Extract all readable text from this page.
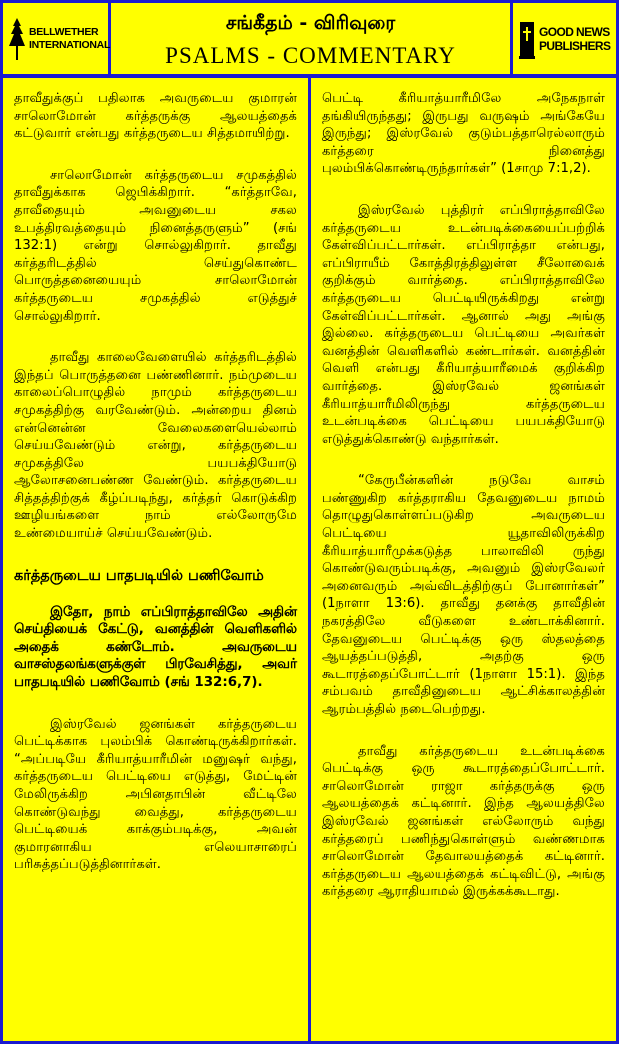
BELLWETHER
INTERNATIONAL
சங்கீதம் - விரிவுரை
PSALMS - COMMENTARY
GOOD NEWS
PUBLISHERS

தாவீதுக்குப் பதிலாக அவருடைய குமாரன் சாலொமோன் கர்த்தருக்கு ஆலயத்தைக் கட்டுவார் என்பது கர்த்தருடைய சித்தமாயிற்று.

சாலொமோன் கர்த்தருடைய சமுகத்தில் தாவீதுக்காக ஜெபிக்கிறார். “கர்த்தாவே, தாவீதையும் அவனுடைய சகல உபத்திரவத்தையும் நினைத்தருளும்” (சங் 132:1) என்று சொல்லுகிறார். தாவீது கர்த்தரிடத்தில் செய்துகொண்ட பொருத்தனையையும் சாலொமோன் கர்த்தருடைய சமுகத்தில் எடுத்துச் சொல்லுகிறார்.

தாவீது காலைவேளையில் கர்த்தரிடத்தில் இந்தப் பொருத்தனை பண்ணினார். நம்முடைய காலைப்பொழுதில் நாமும் கர்த்தருடைய சமுகத்திற்கு வரவேண்டும். அன்றைய தினம் என்னென்ன வேலைகளையெல்லாம் செய்யவேண்டும் என்று, கர்த்தருடைய சமுகத்திலே பயபக்தியோடு ஆலோசனைபண்ண வேண்டும். கர்த்தருடைய சித்தத்திற்குக் கீழ்ப்படிந்து, கர்த்தர் கொடுக்கிற ஊழியங்களை நாம் எல்லோருமே உண்மையாய்ச் செய்யவேண்டும்.

கர்த்தருடைய பாதபடியில் பணிவோம்

இதோ, நாம் எப்பிராத்தாவிலே அதின் செய்தியைக் கேட்டு, வனத்தின் வெளிகளில் அதைக் கண்டோம். அவருடைய வாசஸ்தலங்களுக்குள் பிரவேசித்து, அவர் பாதபடியில் பணிவோம் (சங் 132:6,7).

இஸ்ரவேல் ஜனங்கள் கர்த்தருடைய பெட்டிக்காக புலம்பிக் கொண்டிருக்கிறார்கள். “அப்படியே கீரியாத்யாரீமின் மனுஷர் வந்து, கர்த்தருடைய பெட்டியை எடுத்து, மேட்டின் மேலிருக்கிற அபினதாபின் வீட்டிலே கொண்டுவந்து வைத்து, கர்த்தருடைய பெட்டியைக் காக்கும்படிக்கு, அவன் குமாரனாகிய எலெயாசாரைப் பரிசுத்தப்படுத்தினார்கள்.

பெட்டி கீரியாத்யாரீமிலே அநேகநாள் தங்கியிருந்தது; இருபது வருஷம் அங்கேயே இருந்து; இஸ்ரவேல் குடும்பத்தாரெல்லாரும் கர்த்தரை நினைத்து புலம்பிக்கொண்டிருந்தார்கள்” (1சாமு 7:1,2).

இஸ்ரவேல் புத்திரர் எப்பிராத்தாவிலே கர்த்தருடைய உடன்படிக்கையைப்பற்றிக் கேள்விப்பட்டார்கள். எப்பிராத்தா என்பது, எப்பிராயீம் கோத்திரத்திலுள்ள சீலோவைக் குறிக்கும் வார்த்தை. எப்பிராத்தாவிலே கர்த்தருடைய பெட்டியிருக்கிறது என்று கேள்விப்பட்டார்கள். ஆனால் அது அங்கு இல்லை. கர்த்தருடைய பெட்டியை அவர்கள் வனத்தின் வெளிகளில் கண்டார்கள். வனத்தின் வெளி என்பது கீரியாத்யாரீமைக் குறிக்கிற வார்த்தை. இஸ்ரவேல் ஜனங்கள் கீரியாத்யாரீமிலிருந்து கர்த்தருடைய உடன்படிக்கை பெட்டியை பயபக்தியோடு எடுத்துக்கொண்டு வந்தார்கள்.

“கேருபீன்களின் நடுவே வாசம் பண்ணுகிற கர்த்தராகிய தேவனுடைய நாமம் தொழுதுகொள்ளப்படுகிற அவருடைய பெட்டியை யூதாவிலிருக்கிற கீரியாத்யாரீமுக்கடுத்த பாலாவிலி ருந்து கொண்டுவரும்படிக்கு, அவனும் இஸ்ரவேலர் அனைவரும் அவ்விடத்திற்குப் போனார்கள்” (1நாளா 13:6). தாவீது தனக்கு தாவீதின் நகரத்திலே வீடுகளை உண்டாக்கினார். தேவனுடைய பெட்டிக்கு ஒரு ஸ்தலத்தை ஆயத்தப்படுத்தி, அதற்கு ஒரு கூடாரத்தைப்போட்டார் (1நாளா 15:1). இந்த சம்பவம் தாவீதினுடைய ஆட்சிக்காலத்தின் ஆரம்பத்தில் நடைபெற்றது.

தாவீது கர்த்தருடைய உடன்படிக்கை பெட்டிக்கு ஒரு கூடாரத்தைப்போட்டார். சாலொமோன் ராஜா கர்த்தருக்கு ஒரு ஆலயத்தைக் கட்டினார். இந்த ஆலயத்திலே இஸ்ரவேல் ஜனங்கள் எல்லோரும் வந்து கர்த்தரைப் பணிந்துகொள்ளும் வண்ணமாக சாலொமோன் தேவாலயத்தைக் கட்டினார். கர்த்தருடைய ஆலயத்தைக் கட்டிவிட்டு, அங்கு கர்த்தரை ஆராதியாமல் இருக்கக்கூடாது.
